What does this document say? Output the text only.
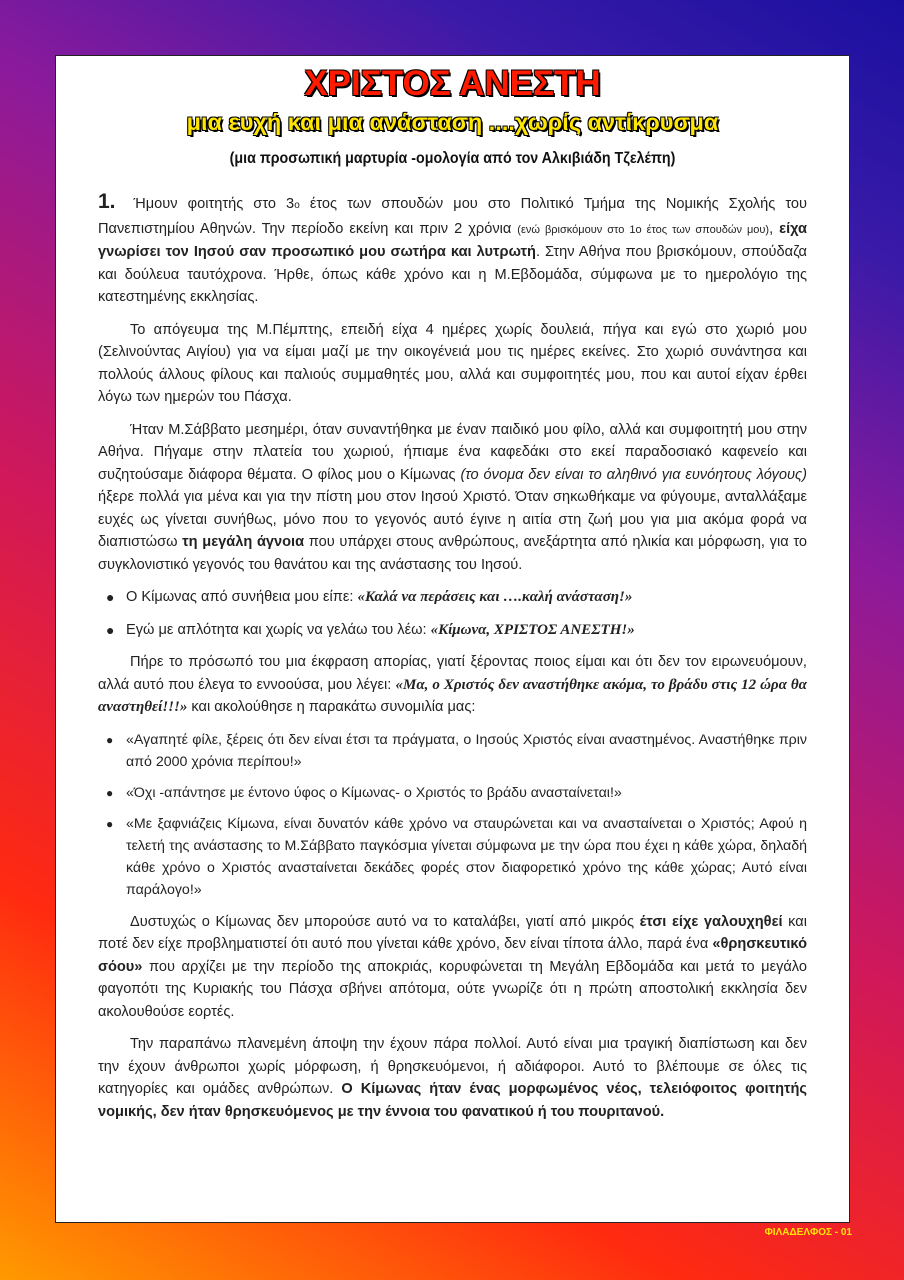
ΧΡΙΣΤΟΣ ΑΝΕΣΤΗ
μια ευχή και μια ανάσταση ....χωρίς αντίκρυσμα
(μια προσωπική μαρτυρία -ομολογία από τον Αλκιβιάδη Τζελέπη)

1. Ήμουν φοιτητής στο 3ο έτος των σπουδών μου στο Πολιτικό Τμήμα της Νομικής Σχολής του Πανεπιστημίου Αθηνών. Την περίοδο εκείνη και πριν 2 χρόνια (ενώ βρισκόμουν στο 1ο έτος των σπουδών μου), είχα γνωρίσει τον Ιησού σαν προσωπικό μου σωτήρα και λυτρωτή. Στην Αθήνα που βρισκόμουν, σπούδαζα και δούλευα ταυτόχρονα. Ήρθε, όπως κάθε χρόνο και η Μ.Εβδομάδα, σύμφωνα με το ημερολόγιο της κατεστημένης εκκλησίας.

Το απόγευμα της Μ.Πέμπτης, επειδή είχα 4 ημέρες χωρίς δουλειά, πήγα και εγώ στο χωριό μου (Σελινούντας Αιγίου) για να είμαι μαζί με την οικογένειά μου τις ημέρες εκείνες. Στο χωριό συνάντησα και πολλούς άλλους φίλους και παλιούς συμμαθητές μου, αλλά και συμφοιτητές μου, που και αυτοί είχαν έρθει λόγω των ημερών του Πάσχα.

Ήταν Μ.Σάββατο μεσημέρι, όταν συναντήθηκα με έναν παιδικό μου φίλο, αλλά και συμφοιτητή μου στην Αθήνα. Πήγαμε στην πλατεία του χωριού, ήπιαμε ένα καφεδάκι στο εκεί παραδοσιακό καφενείο και συζητούσαμε διάφορα θέματα. Ο φίλος μου ο Κίμωνας (το όνομα δεν είναι το αληθινό για ευνόητους λόγους) ήξερε πολλά για μένα και για την πίστη μου στον Ιησού Χριστό. Όταν σηκωθήκαμε να φύγουμε, ανταλλάξαμε ευχές ως γίνεται συνήθως, μόνο που το γεγονός αυτό έγινε η αιτία στη ζωή μου για μια ακόμα φορά να διαπιστώσω τη μεγάλη άγνοια που υπάρχει στους ανθρώπους, ανεξάρτητα από ηλικία και μόρφωση, για το συγκλονιστικό γεγονός του θανάτου και της ανάστασης του Ιησού.

● Ο Κίμωνας από συνήθεια μου είπε: «Καλά να περάσεις και ….καλή ανάσταση!»
● Εγώ με απλότητα και χωρίς να γελάω του λέω: «Κίμωνα, ΧΡΙΣΤΟΣ ΑΝΕΣΤΗ!»

Πήρε το πρόσωπό του μια έκφραση απορίας, γιατί ξέροντας ποιος είμαι και ότι δεν τον ειρωνευόμουν, αλλά αυτό που έλεγα το εννοούσα, μου λέγει: «Μα, ο Χριστός δεν αναστήθηκε ακόμα, το βράδυ στις 12 ώρα θα αναστηθεί!!!» και ακολούθησε η παρακάτω συνομιλία μας:

● «Αγαπητέ φίλε, ξέρεις ότι δεν είναι έτσι τα πράγματα, ο Ιησούς Χριστός είναι αναστημένος. Αναστήθηκε πριν από 2000 χρόνια περίπου!»
● «Όχι -απάντησε με έντονο ύφος ο Κίμωνας- ο Χριστός το βράδυ ανασταίνεται!»
● «Με ξαφνιάζεις Κίμωνα, είναι δυνατόν κάθε χρόνο να σταυρώνεται και να ανασταίνεται ο Χριστός; Αφού η τελετή της ανάστασης το Μ.Σάββατο παγκόσμια γίνεται σύμφωνα με την ώρα που έχει η κάθε χώρα, δηλαδή κάθε χρόνο ο Χριστός ανασταίνεται δεκάδες φορές στον διαφορετικό χρόνο της κάθε χώρας; Αυτό είναι παράλογο!»

Δυστυχώς ο Κίμωνας δεν μπορούσε αυτό να το καταλάβει, γιατί από μικρός έτσι είχε γαλουχηθεί και ποτέ δεν είχε προβληματιστεί ότι αυτό που γίνεται κάθε χρόνο, δεν είναι τίποτα άλλο, παρά ένα «θρησκευτικό σόου» που αρχίζει με την περίοδο της αποκριάς, κορυφώνεται τη Μεγάλη Εβδομάδα και μετά το μεγάλο φαγοπότι της Κυριακής του Πάσχα σβήνει απότομα, ούτε γνωρίζε ότι η πρώτη αποστολική εκκλησία δεν ακολουθούσε εορτές.

Την παραπάνω πλανεμένη άποψη την έχουν πάρα πολλοί. Αυτό είναι μια τραγική διαπίστωση και δεν την έχουν άνθρωποι χωρίς μόρφωση, ή θρησκευόμενοι, ή αδιάφοροι. Αυτό το βλέπουμε σε όλες τις κατηγορίες και ομάδες ανθρώπων. Ο Κίμωνας ήταν ένας μορφωμένος νέος, τελειόφοιτος φοιτητής νομικής, δεν ήταν θρησκευόμενος με την έννοια του φανατικού ή του πουριτανού.

ΦΙΛΑΔΕΛΦΟΣ - 01
